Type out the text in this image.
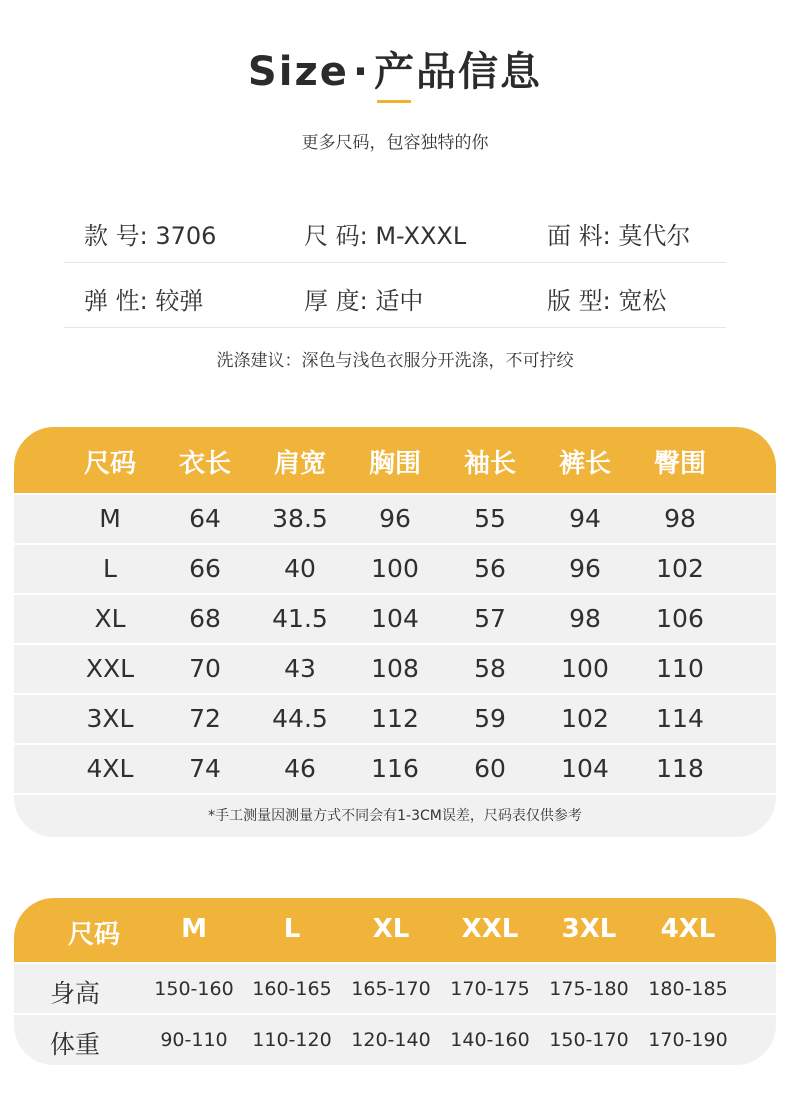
Size · 产品信息
更多尺码，包容独特的你
款 号: 3706	尺 码: M-XXXL	面 料: 莫代尔
弹 性: 较弹	厚 度: 适中	版 型: 宽松
洗涤建议：深色与浅色衣服分开洗涤，不可拧绞
尺码	衣长	肩宽	胸围	袖长	裤长	臀围
M	64	38.5	96	55	94	98
L	66	40	100	56	96	102
XL	68	41.5	104	57	98	106
XXL	70	43	108	58	100	110
3XL	72	44.5	112	59	102	114
4XL	74	46	116	60	104	118
*手工测量因测量方式不同会有1-3CM误差，尺码表仅供参考
尺码	M	L	XL	XXL	3XL	4XL
身高	150-160 160-165	165-170	170-175	175-180	180-185
体重	90-110	110-120	120-140	140-160	150-170	170-190
